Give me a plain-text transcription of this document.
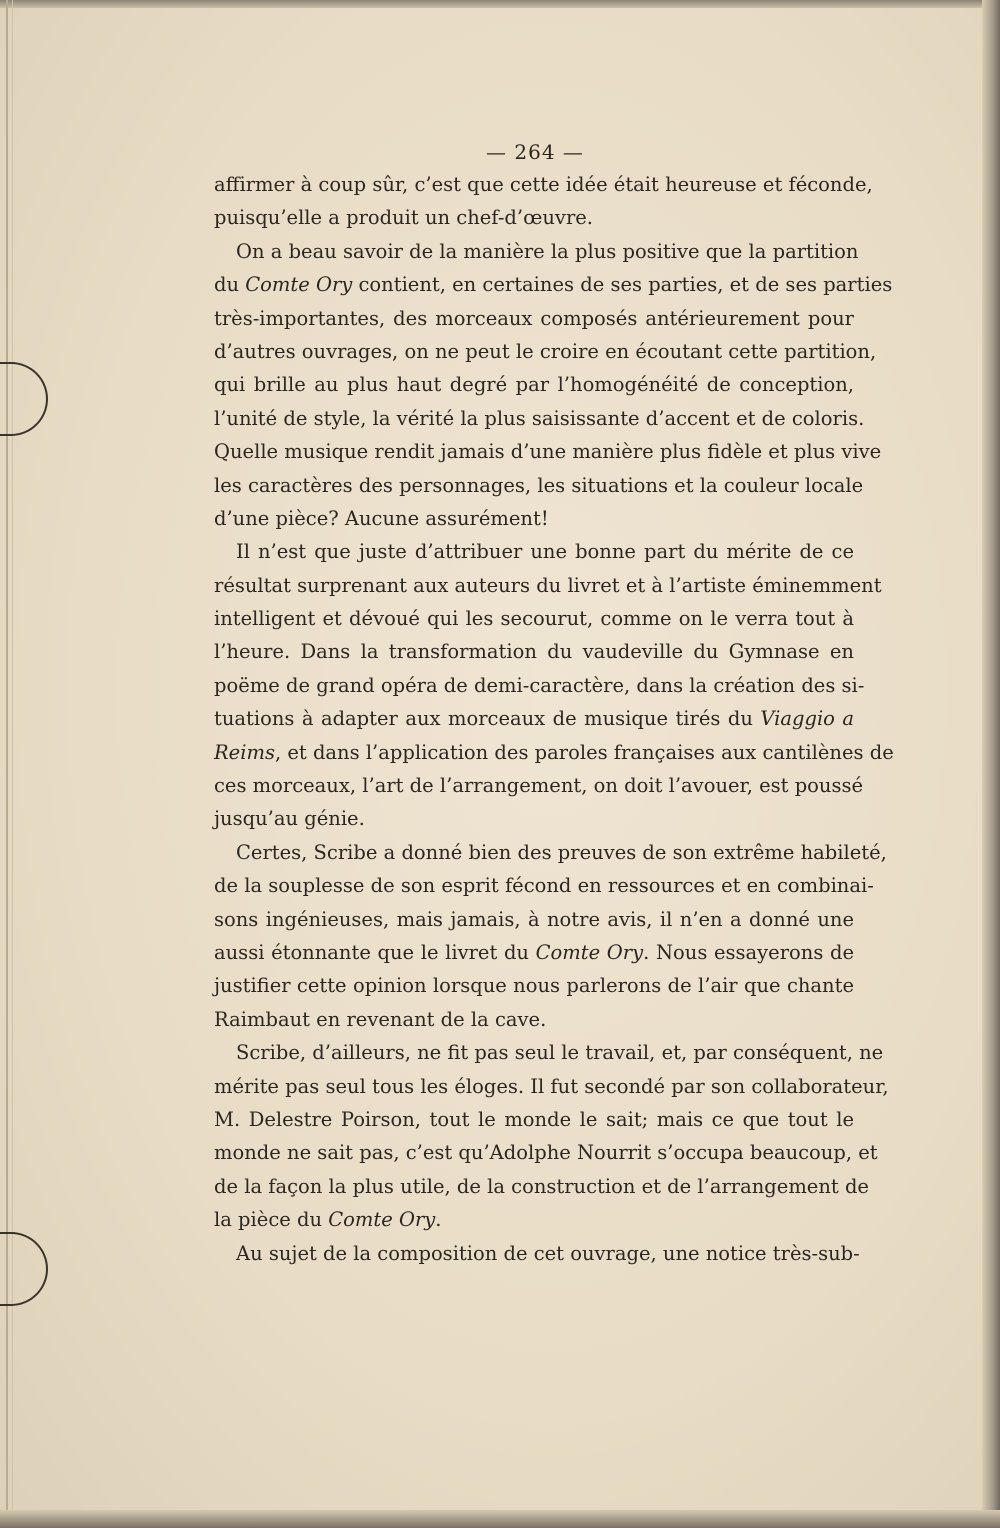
— 264 —
affirmer à coup sûr, c’est que cette idée était heureuse et féconde,
puisqu’elle a produit un chef-d’œuvre.
On a beau savoir de la manière la plus positive que la partition
du Comte Ory contient, en certaines de ses parties, et de ses parties
très-importantes, des morceaux composés antérieurement pour
d’autres ouvrages, on ne peut le croire en écoutant cette partition,
qui brille au plus haut degré par l’homogénéité de conception,
l’unité de style, la vérité la plus saisissante d’accent et de coloris.
Quelle musique rendit jamais d’une manière plus fidèle et plus vive
les caractères des personnages, les situations et la couleur locale
d’une pièce? Aucune assurément!
Il n’est que juste d’attribuer une bonne part du mérite de ce
résultat surprenant aux auteurs du livret et à l’artiste éminemment
intelligent et dévoué qui les secourut, comme on le verra tout à
l’heure. Dans la transformation du vaudeville du Gymnase en
poëme de grand opéra de demi-caractère, dans la création des si-
tuations à adapter aux morceaux de musique tirés du Viaggio a
Reims, et dans l’application des paroles françaises aux cantilènes de
ces morceaux, l’art de l’arrangement, on doit l’avouer, est poussé
jusqu’au génie.
Certes, Scribe a donné bien des preuves de son extrême habileté,
de la souplesse de son esprit fécond en ressources et en combinai-
sons ingénieuses, mais jamais, à notre avis, il n’en a donné une
aussi étonnante que le livret du Comte Ory. Nous essayerons de
justifier cette opinion lorsque nous parlerons de l’air que chante
Raimbaut en revenant de la cave.
Scribe, d’ailleurs, ne fit pas seul le travail, et, par conséquent, ne
mérite pas seul tous les éloges. Il fut secondé par son collaborateur,
M. Delestre Poirson, tout le monde le sait; mais ce que tout le
monde ne sait pas, c’est qu’Adolphe Nourrit s’occupa beaucoup, et
de la façon la plus utile, de la construction et de l’arrangement de
la pièce du Comte Ory.
Au sujet de la composition de cet ouvrage, une notice très-sub-
